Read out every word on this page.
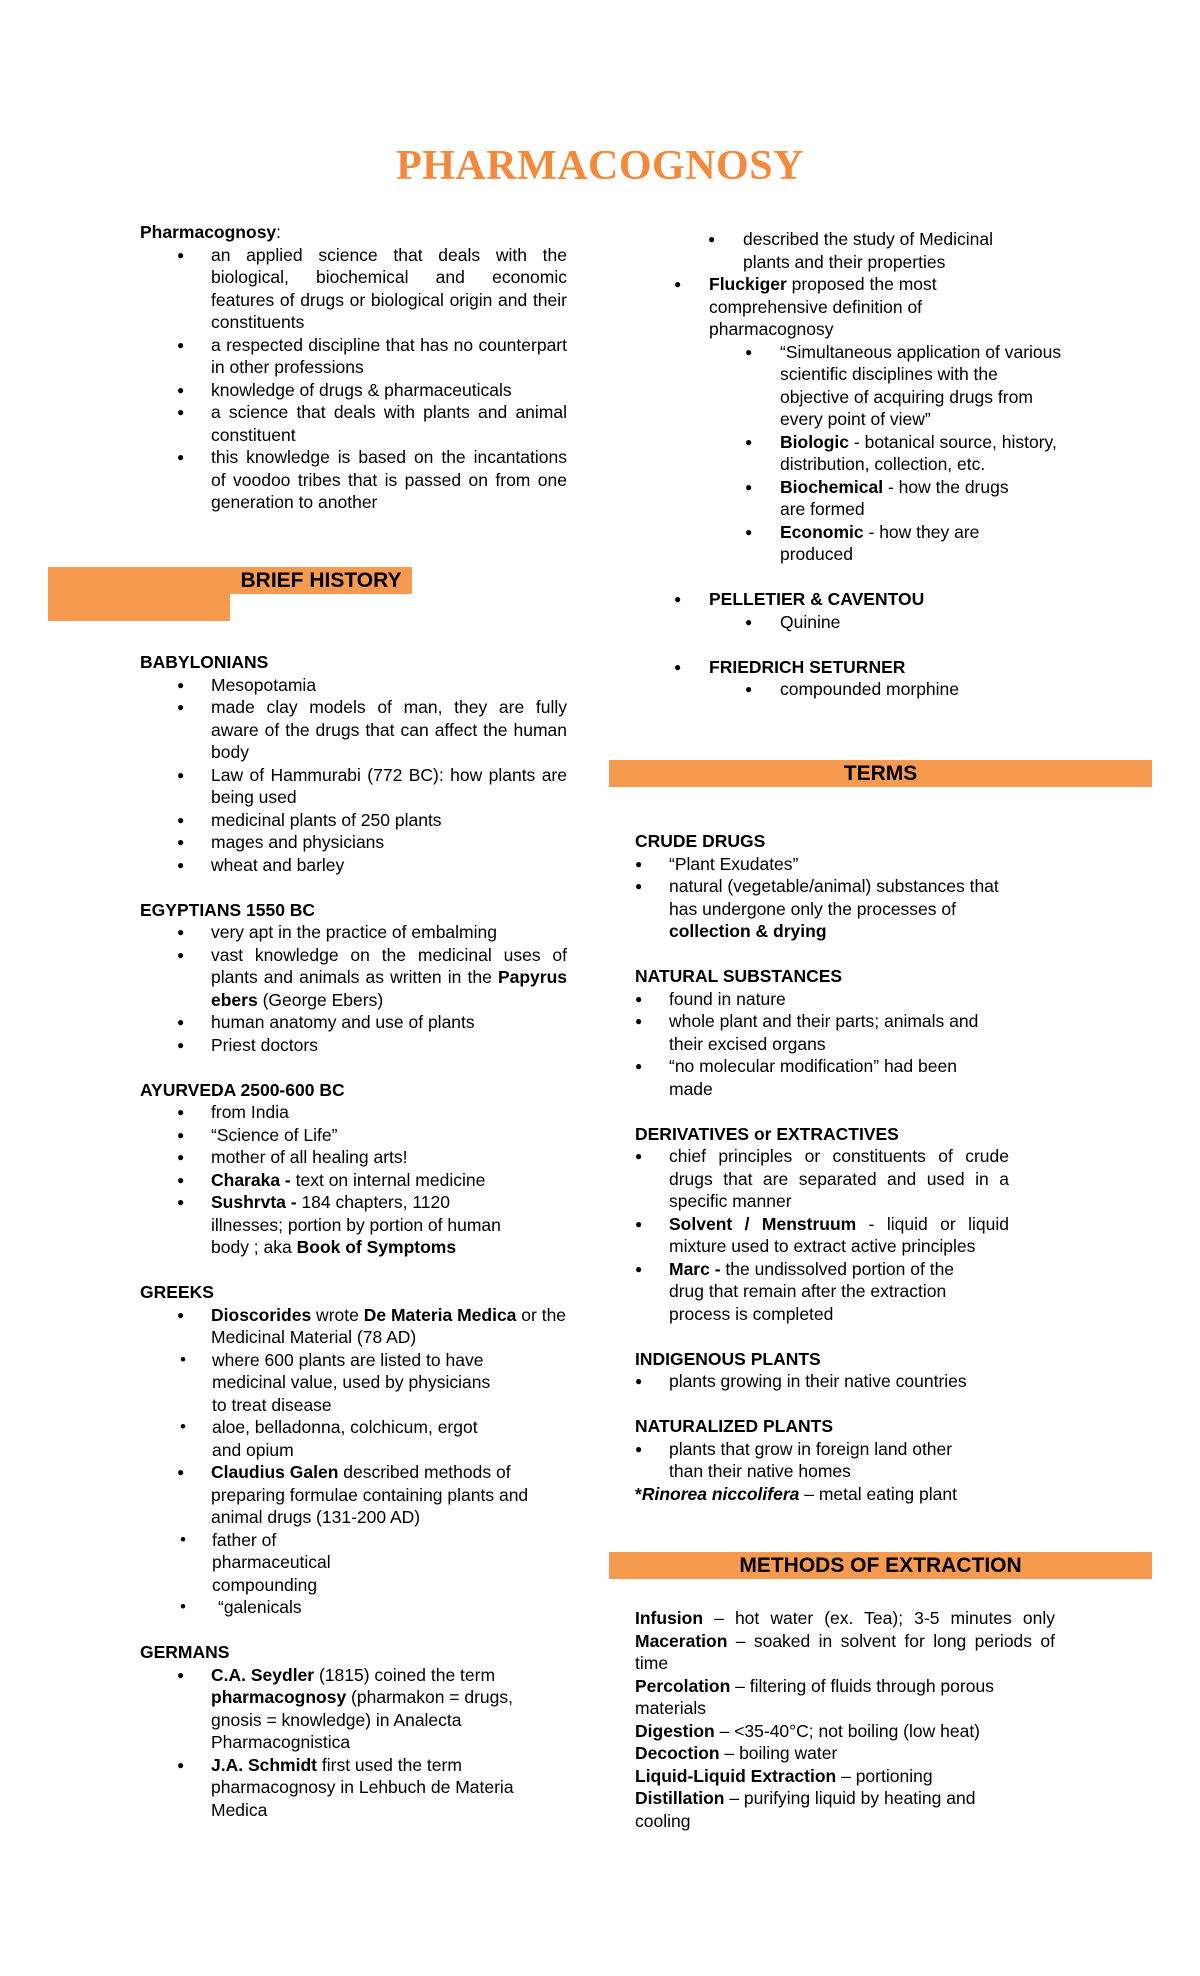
PHARMACOGNOSY
Pharmacognosy:
● an applied science that deals with the biological, biochemical and economic features of drugs or biological origin and their constituents
● a respected discipline that has no counterpart in other professions
● knowledge of drugs & pharmaceuticals
● a science that deals with plants and animal constituent
● this knowledge is based on the incantations of voodoo tribes that is passed on from one generation to another
BRIEF HISTORY
BABYLONIANS
● Mesopotamia
● made clay models of man, they are fully aware of the drugs that can affect the human body
● Law of Hammurabi (772 BC): how plants are being used
● medicinal plants of 250 plants
● mages and physicians
● wheat and barley
EGYPTIANS 1550 BC
● very apt in the practice of embalming
● vast knowledge on the medicinal uses of plants and animals as written in the Papyrus ebers (George Ebers)
● human anatomy and use of plants
● Priest doctors
AYURVEDA 2500-600 BC
● from India
● “Science of Life”
● mother of all healing arts!
● Charaka - text on internal medicine
● Sushrvta - 184 chapters, 1120 illnesses; portion by portion of human body ; aka Book of Symptoms
GREEKS
● Dioscorides wrote De Materia Medica or the Medicinal Material (78 AD)
• where 600 plants are listed to have medicinal value, used by physicians to treat disease
• aloe, belladonna, colchicum, ergot and opium
● Claudius Galen described methods of preparing formulae containing plants and animal drugs (131-200 AD)
• father of pharmaceutical compounding
• “galenicals
GERMANS
● C.A. Seydler (1815) coined the term pharmacognosy (pharmakon = drugs, gnosis = knowledge) in Analecta Pharmacognistica
● J.A. Schmidt first used the term pharmacognosy in Lehbuch de Materia Medica
● described the study of Medicinal plants and their properties
● Fluckiger proposed the most comprehensive definition of pharmacognosy
● “Simultaneous application of various scientific disciplines with the objective of acquiring drugs from every point of view”
● Biologic - botanical source, history, distribution, collection, etc.
● Biochemical - how the drugs are formed
● Economic - how they are produced
● PELLETIER & CAVENTOU
● Quinine
● FRIEDRICH SETURNER
● compounded morphine
TERMS
CRUDE DRUGS
● “Plant Exudates”
● natural (vegetable/animal) substances that has undergone only the processes of collection & drying
NATURAL SUBSTANCES
● found in nature
● whole plant and their parts; animals and their excised organs
● “no molecular modification” had been made
DERIVATIVES or EXTRACTIVES
● chief principles or constituents of crude drugs that are separated and used in a specific manner
● Solvent / Menstruum - liquid or liquid mixture used to extract active principles
● Marc - the undissolved portion of the drug that remain after the extraction process is completed
INDIGENOUS PLANTS
● plants growing in their native countries
NATURALIZED PLANTS
● plants that grow in foreign land other than their native homes
*Rinorea niccolifera – metal eating plant
METHODS OF EXTRACTION
Infusion – hot water (ex. Tea); 3-5 minutes only Maceration – soaked in solvent for long periods of time
Percolation – filtering of fluids through porous materials
Digestion – <35-40°C; not boiling (low heat)
Decoction – boiling water
Liquid-Liquid Extraction – portioning
Distillation – purifying liquid by heating and cooling
